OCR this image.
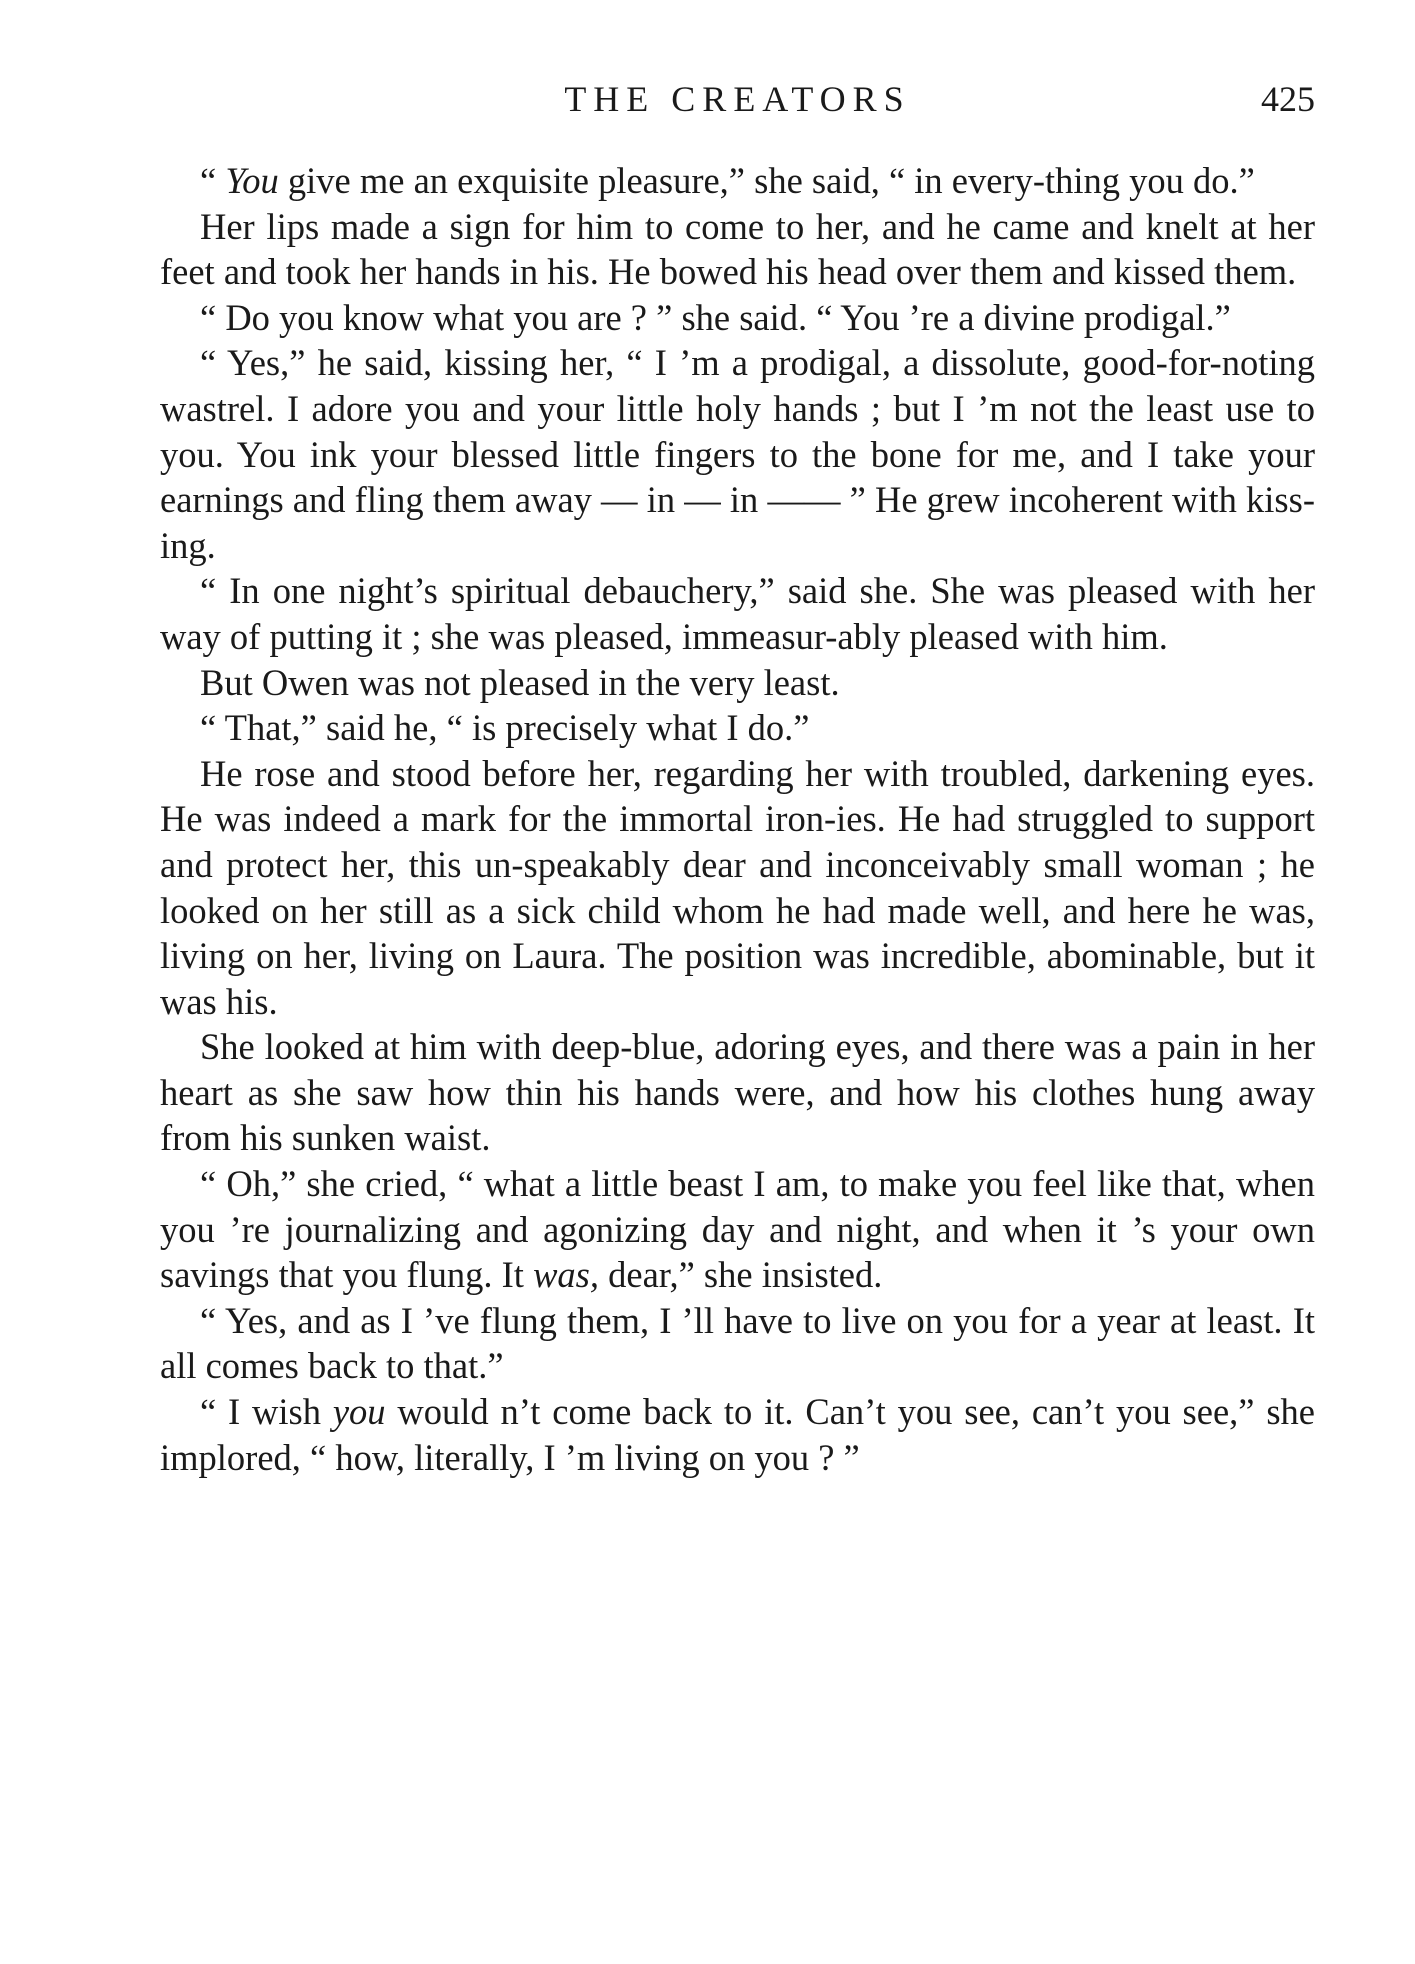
THE CREATORS	425

“ You give me an exquisite pleasure,” she said, “ in every-thing you do.”

Her lips made a sign for him to come to her, and he came and knelt at her feet and took her hands in his. He bowed his head over them and kissed them.

“ Do you know what you are ? ” she said. “ You ’re a divine prodigal.”

“ Yes,” he said, kissing her, “ I ’m a prodigal, a dissolute, good-for-noting wastrel. I adore you and your little holy hands ; but I ’m not the least use to you. You ink your blessed little fingers to the bone for me, and I take your earnings and fling them away — in — in —— ” He grew incoherent with kiss-ing.

“ In one night’s spiritual debauchery,” said she. She was pleased with her way of putting it ; she was pleased, immeasur-ably pleased with him.

But Owen was not pleased in the very least.

“ That,” said he, “ is precisely what I do.”

He rose and stood before her, regarding her with troubled, darkening eyes. He was indeed a mark for the immortal iron-ies. He had struggled to support and protect her, this un-speakably dear and inconceivably small woman ; he looked on her still as a sick child whom he had made well, and here he was, living on her, living on Laura. The position was incredible, abominable, but it was his.

She looked at him with deep-blue, adoring eyes, and there was a pain in her heart as she saw how thin his hands were, and how his clothes hung away from his sunken waist.

“ Oh,” she cried, “ what a little beast I am, to make you feel like that, when you ’re journalizing and agonizing day and night, and when it ’s your own savings that you flung. It was, dear,” she insisted.

“ Yes, and as I ’ve flung them, I ’ll have to live on you for a year at least. It all comes back to that.”

“ I wish you would n’t come back to it. Can’t you see, can’t you see,” she implored, “ how, literally, I ’m living on you ? ”
